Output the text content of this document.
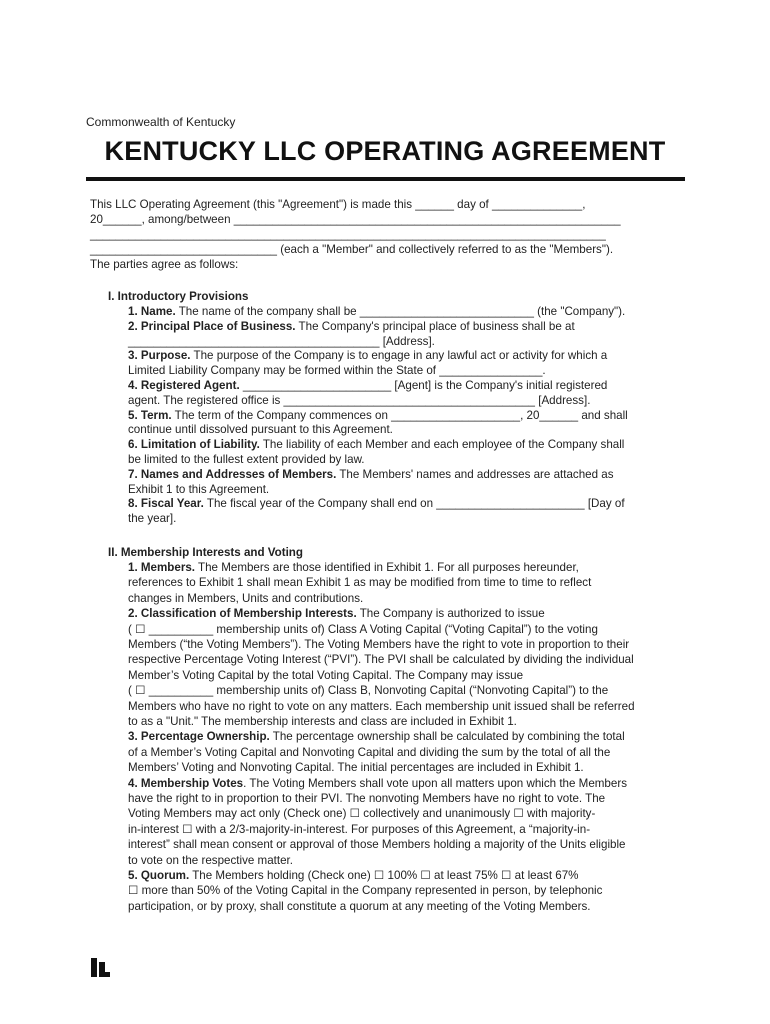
Commonwealth of Kentucky
KENTUCKY LLC OPERATING AGREEMENT
This LLC Operating Agreement (this "Agreement") is made this ______ day of ______________,
20______, among/between ____________________________________________________________
________________________________________________________________________________
_____________________________ (each a "Member" and collectively referred to as the "Members").
The parties agree as follows:
I. Introductory Provisions
1. Name. The name of the company shall be ___________________________ (the "Company").
2. Principal Place of Business. The Company's principal place of business shall be at
_______________________________________ [Address].
3. Purpose. The purpose of the Company is to engage in any lawful act or activity for which a
Limited Liability Company may be formed within the State of ________________.
4. Registered Agent. _______________________ [Agent] is the Company's initial registered
agent. The registered office is _______________________________________ [Address].
5. Term. The term of the Company commences on ____________________, 20______ and shall
continue until dissolved pursuant to this Agreement.
6. Limitation of Liability. The liability of each Member and each employee of the Company shall
be limited to the fullest extent provided by law.
7. Names and Addresses of Members. The Members' names and addresses are attached as
Exhibit 1 to this Agreement.
8. Fiscal Year. The fiscal year of the Company shall end on _______________________ [Day of
the year].
II. Membership Interests and Voting
1. Members. The Members are those identified in Exhibit 1. For all purposes hereunder,
references to Exhibit 1 shall mean Exhibit 1 as may be modified from time to time to reflect
changes in Members, Units and contributions.
2. Classification of Membership Interests. The Company is authorized to issue
( ☐ __________ membership units of) Class A Voting Capital (“Voting Capital”) to the voting
Members (“the Voting Members”). The Voting Members have the right to vote in proportion to their
respective Percentage Voting Interest (“PVI”). The PVI shall be calculated by dividing the individual
Member’s Voting Capital by the total Voting Capital. The Company may issue
( ☐ __________ membership units of) Class B, Nonvoting Capital (“Nonvoting Capital”) to the
Members who have no right to vote on any matters. Each membership unit issued shall be referred
to as a "Unit." The membership interests and class are included in Exhibit 1.
3. Percentage Ownership. The percentage ownership shall be calculated by combining the total
of a Member’s Voting Capital and Nonvoting Capital and dividing the sum by the total of all the
Members’ Voting and Nonvoting Capital. The initial percentages are included in Exhibit 1.
4. Membership Votes. The Voting Members shall vote upon all matters upon which the Members
have the right to in proportion to their PVI. The nonvoting Members have no right to vote. The
Voting Members may act only (Check one) ☐ collectively and unanimously ☐ with majority-
in-interest ☐ with a 2/3-majority-in-interest. For purposes of this Agreement, a “majority-in-
interest” shall mean consent or approval of those Members holding a majority of the Units eligible
to vote on the respective matter.
5. Quorum. The Members holding (Check one) ☐ 100% ☐ at least 75% ☐ at least 67%
☐ more than 50% of the Voting Capital in the Company represented in person, by telephonic
participation, or by proxy, shall constitute a quorum at any meeting of the Voting Members.
